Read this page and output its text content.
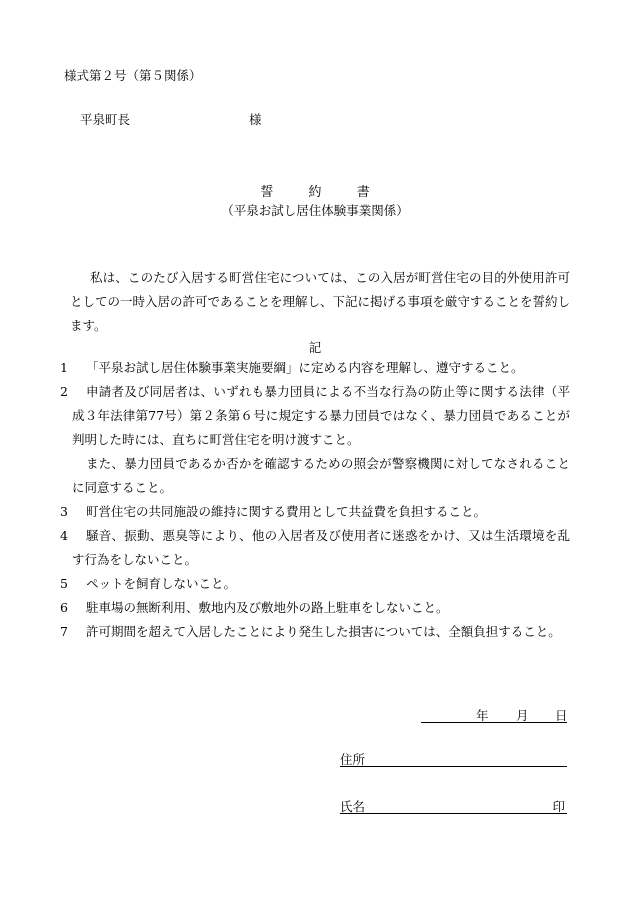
様式第２号（第５関係）
平泉町長	様
誓	約	書
（平泉お試し居住体験事業関係）

私は、このたび入居する町営住宅については、この入居が町営住宅の目的外使用許可としての一時入居の許可であることを理解し、下記に掲げる事項を厳守することを誓約します。

記
1	「平泉お試し居住体験事業実施要綱」に定める内容を理解し、遵守すること。
2	申請者及び同居者は、いずれも暴力団員による不当な行為の防止等に関する法律（平成３年法律第77号）第２条第６号に規定する暴力団員ではなく、暴力団員であることが判明した時には、直ちに町営住宅を明け渡すこと。
また、暴力団員であるか否かを確認するための照会が警察機関に対してなされることに同意すること。
3	町営住宅の共同施設の維持に関する費用として共益費を負担すること。
4	騒音、振動、悪臭等により、他の入居者及び使用者に迷惑をかけ、又は生活環境を乱す行為をしないこと。
5	ペットを飼育しないこと。
6	駐車場の無断利用、敷地内及び敷地外の路上駐車をしないこと。
7	許可期間を超えて入居したことにより発生した損害については、全額負担すること。
年 月 日
住所
氏名	印
